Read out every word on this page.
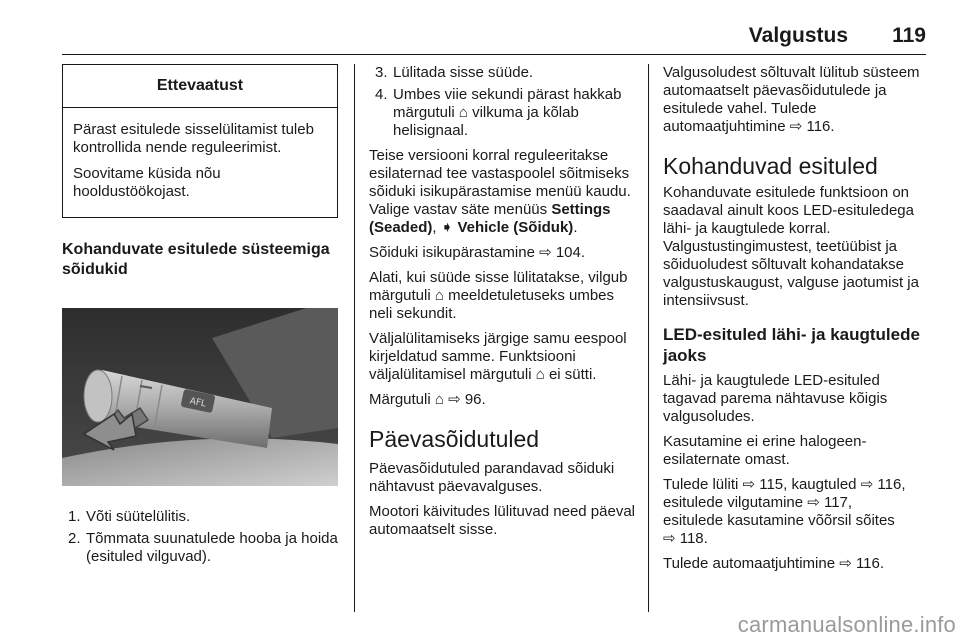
Valgustus 119
Ettevaatust

Pärast esitulede sisselülitamist tuleb kontrollida nende reguleerimist.

Soovitame küsida nõu hooldustöökojast.

Kohanduvate esitulede süsteemiga sõidukid
AFL
1. Võti süütelülitis.
2. Tõmmata suunatulede hooba ja hoida (esituled vilguvad).
3. Lülitada sisse süüde.
4. Umbes viie sekundi pärast hakkab märgutuli ⌂ vilkuma ja kõlab helisignaal.

Teise versiooni korral reguleeritakse esilaternad tee vastaspoolel sõitmiseks sõiduki isikupärastamise menüü kaudu. Valige vastav säte menüüs Settings (Seaded), ➧ Vehicle (Sõiduk).

Sõiduki isikupärastamine ⇨ 104.

Alati, kui süüde sisse lülitatakse, vilgub märgutuli ⌂ meeldetuletuseks umbes neli sekundit.

Väljalülitamiseks järgige samu eespool kirjeldatud samme. Funktsiooni väljalülitamisel märgutuli ⌂ ei sütti.

Märgutuli ⌂ ⇨ 96.

Päevasõidutuled

Päevasõidutuled parandavad sõiduki nähtavust päevavalguses.

Mootori käivitudes lülituvad need päeval automaatselt sisse.

Valgusoludest sõltuvalt lülitub süsteem automaatselt päevasõidutulede ja esitulede vahel. Tulede automaatjuhtimine ⇨ 116.

Kohanduvad esituled

Kohanduvate esitulede funktsioon on saadaval ainult koos LED-esituledega lähi- ja kaugtulede korral. Valgustustingimustest, teetüübist ja sõiduoludest sõltuvalt kohandatakse valgustuskaugust, valguse jaotumist ja intensiivsust.

LED-esituled lähi- ja kaugtulede jaoks

Lähi- ja kaugtulede LED-esituled tagavad parema nähtavuse kõigis valgusoludes.

Kasutamine ei erine halogeen-esilaternate omast.

Tulede lüliti ⇨ 115, kaugtuled ⇨ 116,
esitulede vilgutamine ⇨ 117,
esitulede kasutamine võõrsil sõites
⇨ 118.

Tulede automaatjuhtimine ⇨ 116.

carmanualsonline.info
